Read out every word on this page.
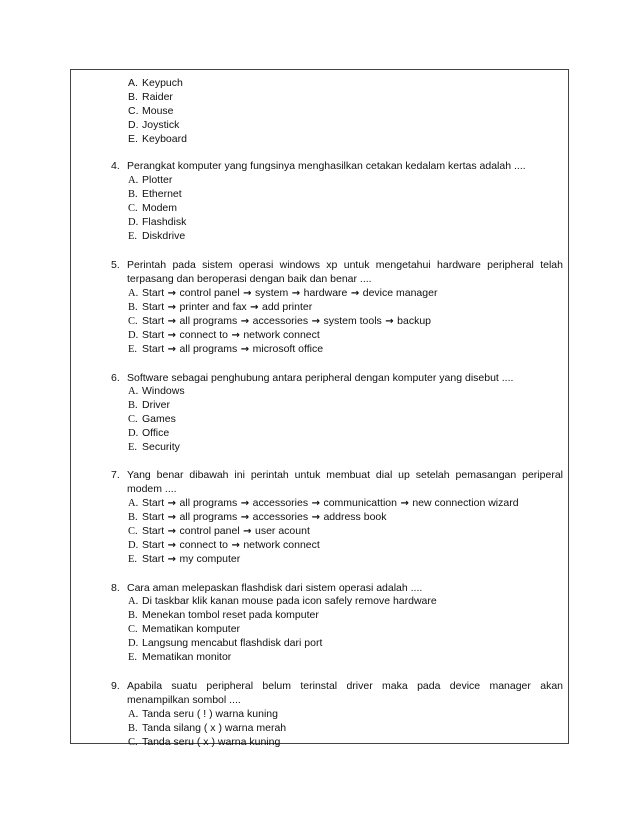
A. Keypuch
B. Raider
C. Mouse
D. Joystick
E. Keyboard
4. Perangkat komputer yang fungsinya menghasilkan cetakan kedalam kertas adalah ....
A. Plotter
B. Ethernet
C. Modem
D. Flashdisk
E. Diskdrive
5. Perintah pada sistem operasi windows xp untuk mengetahui hardware peripheral telah
terpasang dan beroperasi dengan baik dan benar ....
A. Start → control panel → system → hardware → device manager
B. Start → printer and fax → add printer
C. Start → all programs → accessories → system tools → backup
D. Start → connect to → network connect
E. Start → all programs → microsoft office
6. Software sebagai penghubung antara peripheral dengan komputer yang disebut ....
A. Windows
B. Driver
C. Games
D. Office
E. Security
7. Yang benar dibawah ini perintah untuk membuat dial up setelah pemasangan periperal
modem ....
A. Start → all programs → accessories → communicattion → new connection wizard
B. Start → all programs → accessories → address book
C. Start → control panel → user acount
D. Start → connect to → network connect
E. Start → my computer
8. Cara aman melepaskan flashdisk dari sistem operasi adalah ....
A. Di taskbar klik kanan mouse pada icon safely remove hardware
B. Menekan tombol reset pada komputer
C. Mematikan komputer
D. Langsung mencabut flashdisk dari port
E. Mematikan monitor
9. Apabila suatu peripheral belum terinstal driver maka pada device manager akan
menampilkan sombol ....
A. Tanda seru ( ! ) warna kuning
B. Tanda silang ( x ) warna merah
C. Tanda seru ( x ) warna kuning
